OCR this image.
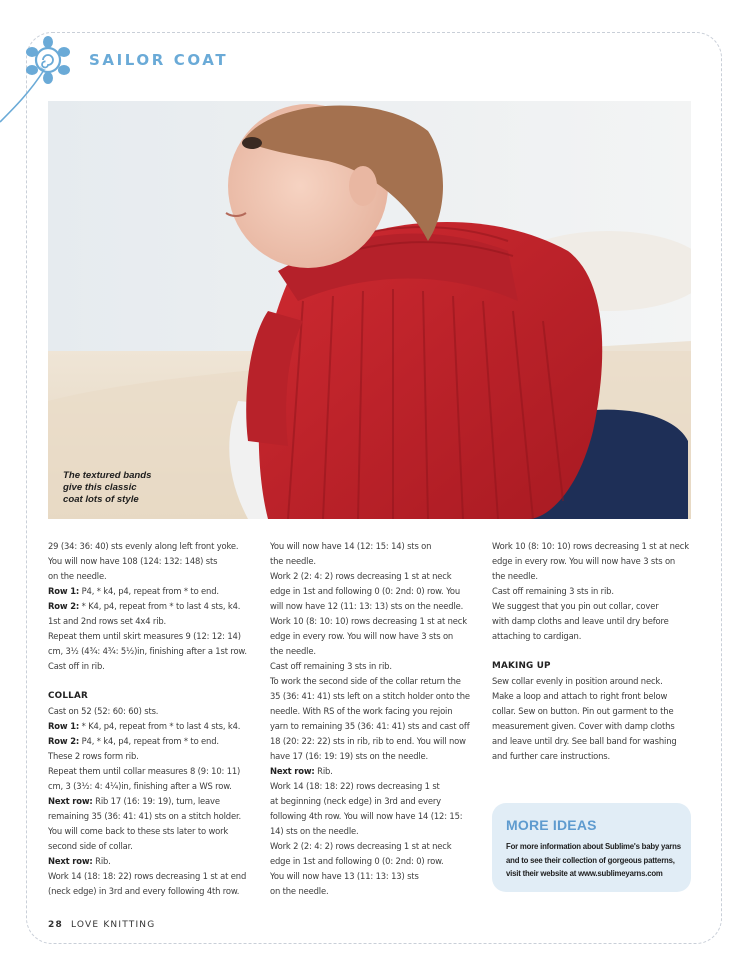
SAILOR COAT
The textured bands
give this classic
coat lots of style
29 (34: 36: 40) sts evenly along left front yoke.
You will now have 108 (124: 132: 148) sts
on the needle.
Row 1: P4, * k4, p4, repeat from * to end.
Row 2: * K4, p4, repeat from * to last 4 sts, k4.
1st and 2nd rows set 4x4 rib.
Repeat them until skirt measures 9 (12: 12: 14)
cm, 3½ (4¾: 4¾: 5½)in, finishing after a 1st row.
Cast off in rib.
COLLAR
Cast on 52 (52: 60: 60) sts.
Row 1: * K4, p4, repeat from * to last 4 sts, k4.
Row 2: P4, * k4, p4, repeat from * to end.
These 2 rows form rib.
Repeat them until collar measures 8 (9: 10: 11)
cm, 3 (3½: 4: 4¼)in, finishing after a WS row.
Next row: Rib 17 (16: 19: 19), turn, leave
remaining 35 (36: 41: 41) sts on a stitch holder.
You will come back to these sts later to work
second side of collar.
Next row: Rib.
Work 14 (18: 18: 22) rows decreasing 1 st at end
(neck edge) in 3rd and every following 4th row.
You will now have 14 (12: 15: 14) sts on
the needle.
Work 2 (2: 4: 2) rows decreasing 1 st at neck
edge in 1st and following 0 (0: 2nd: 0) row. You
will now have 12 (11: 13: 13) sts on the needle.
Work 10 (8: 10: 10) rows decreasing 1 st at neck
edge in every row. You will now have 3 sts on
the needle.
Cast off remaining 3 sts in rib.
To work the second side of the collar return the
35 (36: 41: 41) sts left on a stitch holder onto the
needle. With RS of the work facing you rejoin
yarn to remaining 35 (36: 41: 41) sts and cast off
18 (20: 22: 22) sts in rib, rib to end. You will now
have 17 (16: 19: 19) sts on the needle.
Next row: Rib.
Work 14 (18: 18: 22) rows decreasing 1 st
at beginning (neck edge) in 3rd and every
following 4th row. You will now have 14 (12: 15:
14) sts on the needle.
Work 2 (2: 4: 2) rows decreasing 1 st at neck
edge in 1st and following 0 (0: 2nd: 0) row.
You will now have 13 (11: 13: 13) sts
on the needle.
Work 10 (8: 10: 10) rows decreasing 1 st at neck
edge in every row. You will now have 3 sts on
the needle.
Cast off remaining 3 sts in rib.
We suggest that you pin out collar, cover
with damp cloths and leave until dry before
attaching to cardigan.
MAKING UP
Sew collar evenly in position around neck.
Make a loop and attach to right front below
collar. Sew on button. Pin out garment to the
measurement given. Cover with damp cloths
and leave until dry. See ball band for washing
and further care instructions.
MORE IDEAS
For more information about Sublime's baby yarns
and to see their collection of gorgeous patterns,
visit their website at www.sublimeyarns.com
28 LOVE KNITTING
